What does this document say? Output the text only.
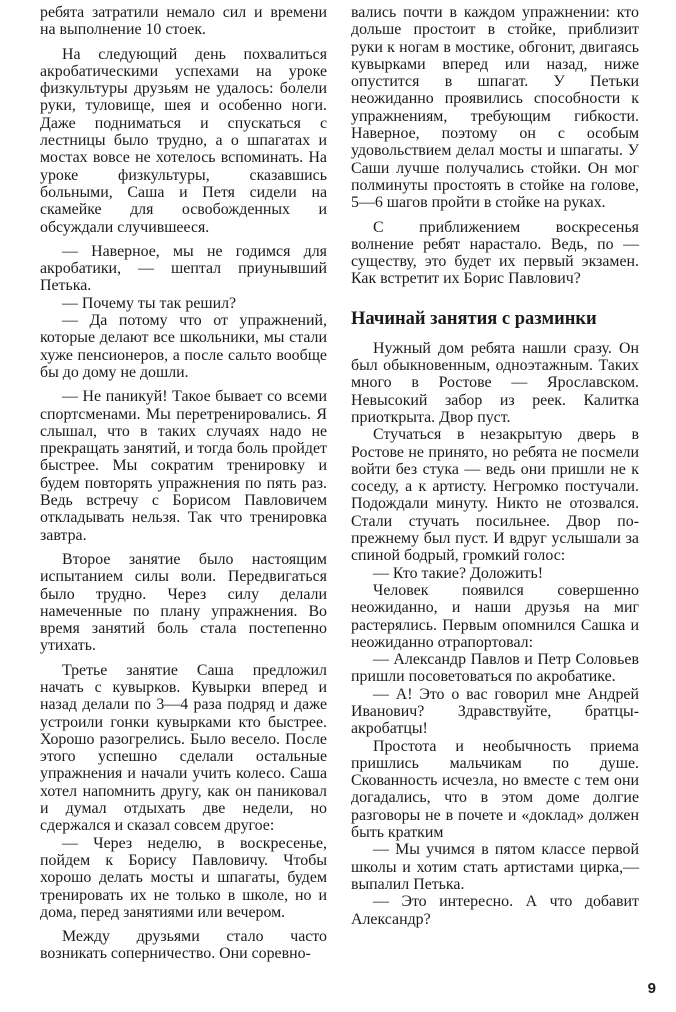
ребята затратили немало сил и времени на выполнение 10 стоек.

На следующий день похвалиться акробатическими успехами на уроке физкультуры друзьям не удалось: болели руки, туловище, шея и особенно ноги. Даже подниматься и спускаться с лестницы было трудно, а о шпагатах и мостах вовсе не хотелось вспоминать. На уроке физкультуры, сказавшись больными, Саша и Петя сидели на скамейке для освобожденных и обсуждали случившееся.

— Наверное, мы не годимся для акробатики, — шептал приунывший Петька.

— Почему ты так решил?

— Да потому что от упражнений, которые делают все школьники, мы стали хуже пенсионеров, а после сальто вообще бы до дому не дошли.

— Не паникуй! Такое бывает со всеми спортсменами. Мы перетренировались. Я слышал, что в таких случаях надо не прекращать занятий, и тогда боль пройдет быстрее. Мы сократим тренировку и будем повторять упражнения по пять раз. Ведь встречу с Борисом Павловичем откладывать нельзя. Так что тренировка завтра.

Второе занятие было настоящим испытанием силы воли. Передвигаться было трудно. Через силу делали намеченные по плану упражнения. Во время занятий боль стала постепенно утихать.

Третье занятие Саша предложил начать с кувырков. Кувырки вперед и назад делали по 3—4 раза подряд и даже устроили гонки кувырками кто быстрее. Хорошо разогрелись. Было весело. После этого успешно сделали остальные упражнения и начали учить колесо. Саша хотел напомнить другу, как он паниковал и думал отдыхать две недели, но сдержался и сказал совсем другое:

— Через неделю, в воскресенье, пойдем к Борису Павловичу. Чтобы хорошо делать мосты и шпагаты, будем тренировать их не только в школе, но и дома, перед занятиями или вечером.

Между друзьями стало часто возникать соперничество. Они соревно-

вались почти в каждом упражнении: кто дольше простоит в стойке, приблизит руки к ногам в мостике, обгонит, двигаясь кувырками вперед или назад, ниже опустится в шпагат. У Петьки неожиданно проявились способности к упражнениям, требующим гибкости. Наверное, поэтому он с особым удовольствием делал мосты и шпагаты. У Саши лучше получались стойки. Он мог полминуты простоять в стойке на голове, 5—6 шагов пройти в стойке на руках.

С приближением воскресенья волнение ребят нарастало. Ведь, по — существу, это будет их первый экзамен. Как встретит их Борис Павлович?

Начинай занятия с разминки

Нужный дом ребята нашли сразу. Он был обыкновенным, одноэтажным. Таких много в Ростове — Ярославском. Невысокий забор из реек. Калитка приоткрыта. Двор пуст.

Стучаться в незакрытую дверь в Ростове не принято, но ребята не посмели войти без стука — ведь они пришли не к соседу, а к артисту. Негромко постучали. Подождали минуту. Никто не отозвался. Стали стучать посильнее. Двор по-прежнему был пуст. И вдруг услышали за спиной бодрый, громкий голос:

— Кто такие? Доложить!

Человек появился совершенно неожиданно, и наши друзья на миг растерялись. Первым опомнился Сашка и неожиданно отрапортовал:

— Александр Павлов и Петр Соловьев пришли посоветоваться по акробатике.

— А! Это о вас говорил мне Андрей Иванович? Здравствуйте, братцы-акробатцы!

Простота и необычность приема пришлись мальчикам по душе. Скованность исчезла, но вместе с тем они догадались, что в этом доме долгие разговоры не в почете и «доклад» должен быть кратким

— Мы учимся в пятом классе первой школы и хотим стать артистами цирка,— выпалил Петька.

— Это интересно. А что добавит Александр?

9
